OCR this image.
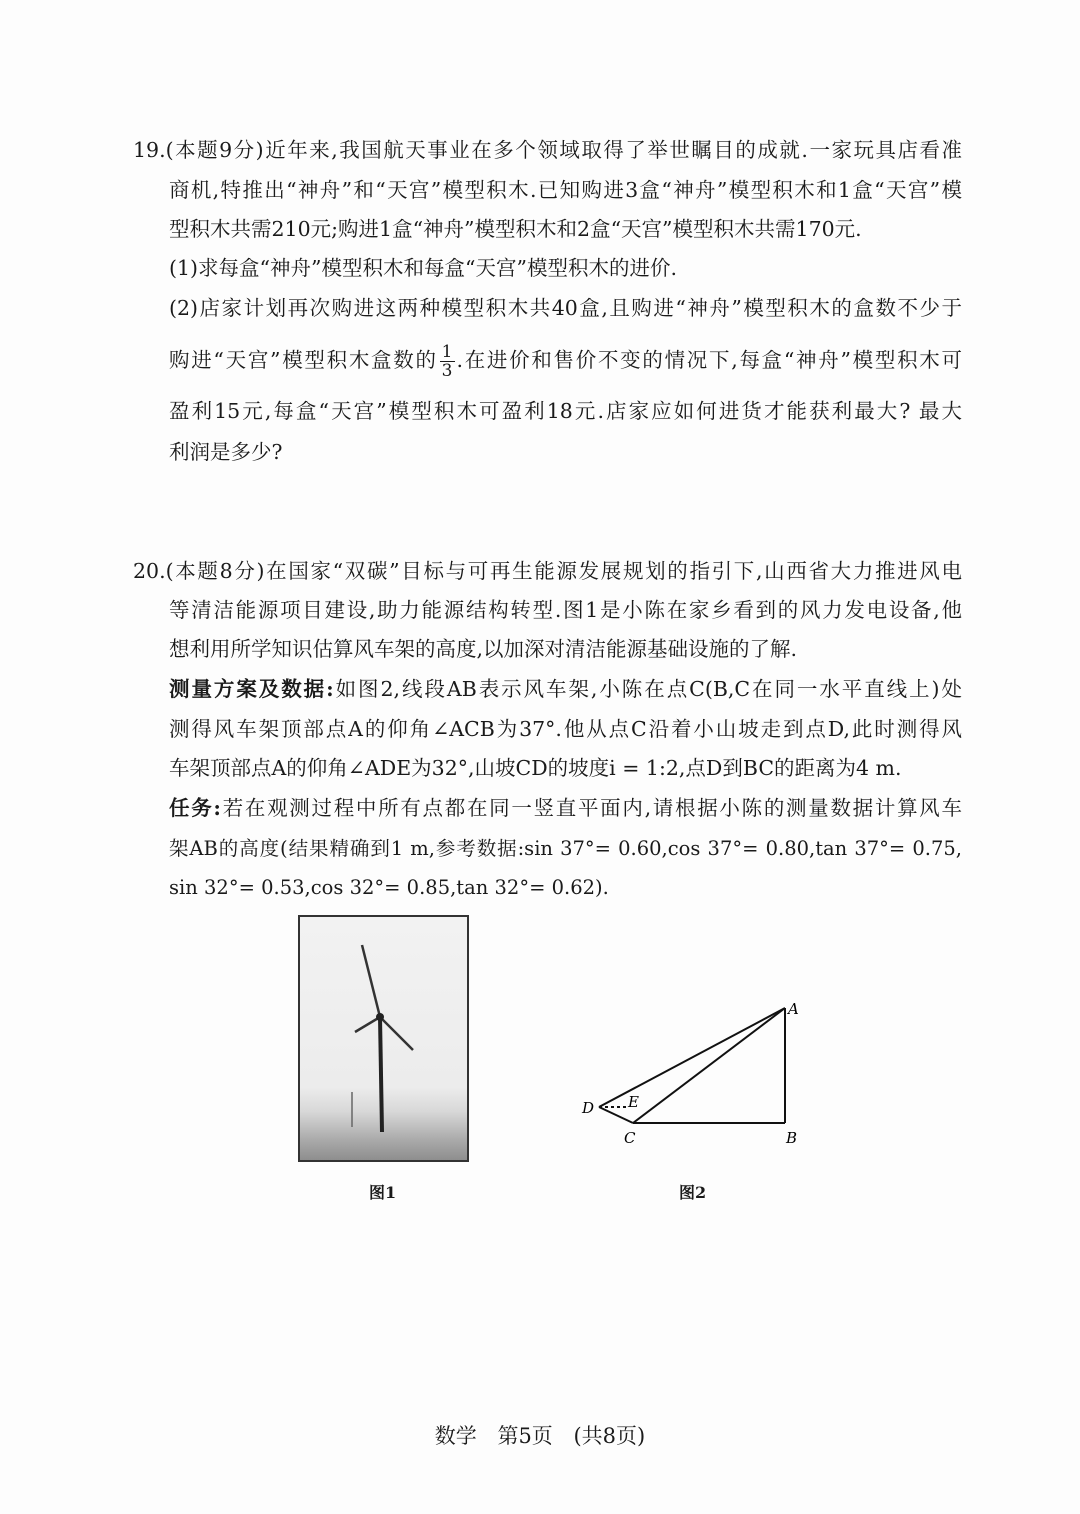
19.(本题9分)近年来,我国航天事业在多个领域取得了举世瞩目的成就.一家玩具店看准
商机,特推出“神舟”和“天宫”模型积木.已知购进3盒“神舟”模型积木和1盒“天宫”模
型积木共需210元;购进1盒“神舟”模型积木和2盒“天宫”模型积木共需170元.
(1)求每盒“神舟”模型积木和每盒“天宫”模型积木的进价.
(2)店家计划再次购进这两种模型积木共40盒,且购进“神舟”模型积木的盒数不少于
购进“天宫”模型积木盒数的 $\frac{1}{3}$ .在进价和售价不变的情况下,每盒“神舟”模型积木可
盈利15元,每盒“天宫”模型积木可盈利18元.店家应如何进货才能获利最大? 最大
利润是多少?
20.(本题8分)在国家“双碳”目标与可再生能源发展规划的指引下,山西省大力推进风电
等清洁能源项目建设,助力能源结构转型.图1是小陈在家乡看到的风力发电设备,他
想利用所学知识估算风车架的高度,以加深对清洁能源基础设施的了解.
测量方案及数据:如图2,线段AB表示风车架,小陈在点C(B,C在同一水平直线上)处
测得风车架顶部点A的仰角∠ACB为37°.他从点C沿着小山坡走到点D,此时测得风
车架顶部点A的仰角∠ADE为32°,山坡CD的坡度i = 1:2,点D到BC的距离为4 m.
任务:若在观测过程中所有点都在同一竖直平面内,请根据小陈的测量数据计算风车
架AB的高度(结果精确到1 m,参考数据:sin 37°= 0.60,cos 37°= 0.80,tan 37°= 0.75,
sin 32°= 0.53,cos 32°= 0.85,tan 32°= 0.62).
图1
A
B
C
D E
图2
数学 第5页 (共8页)
